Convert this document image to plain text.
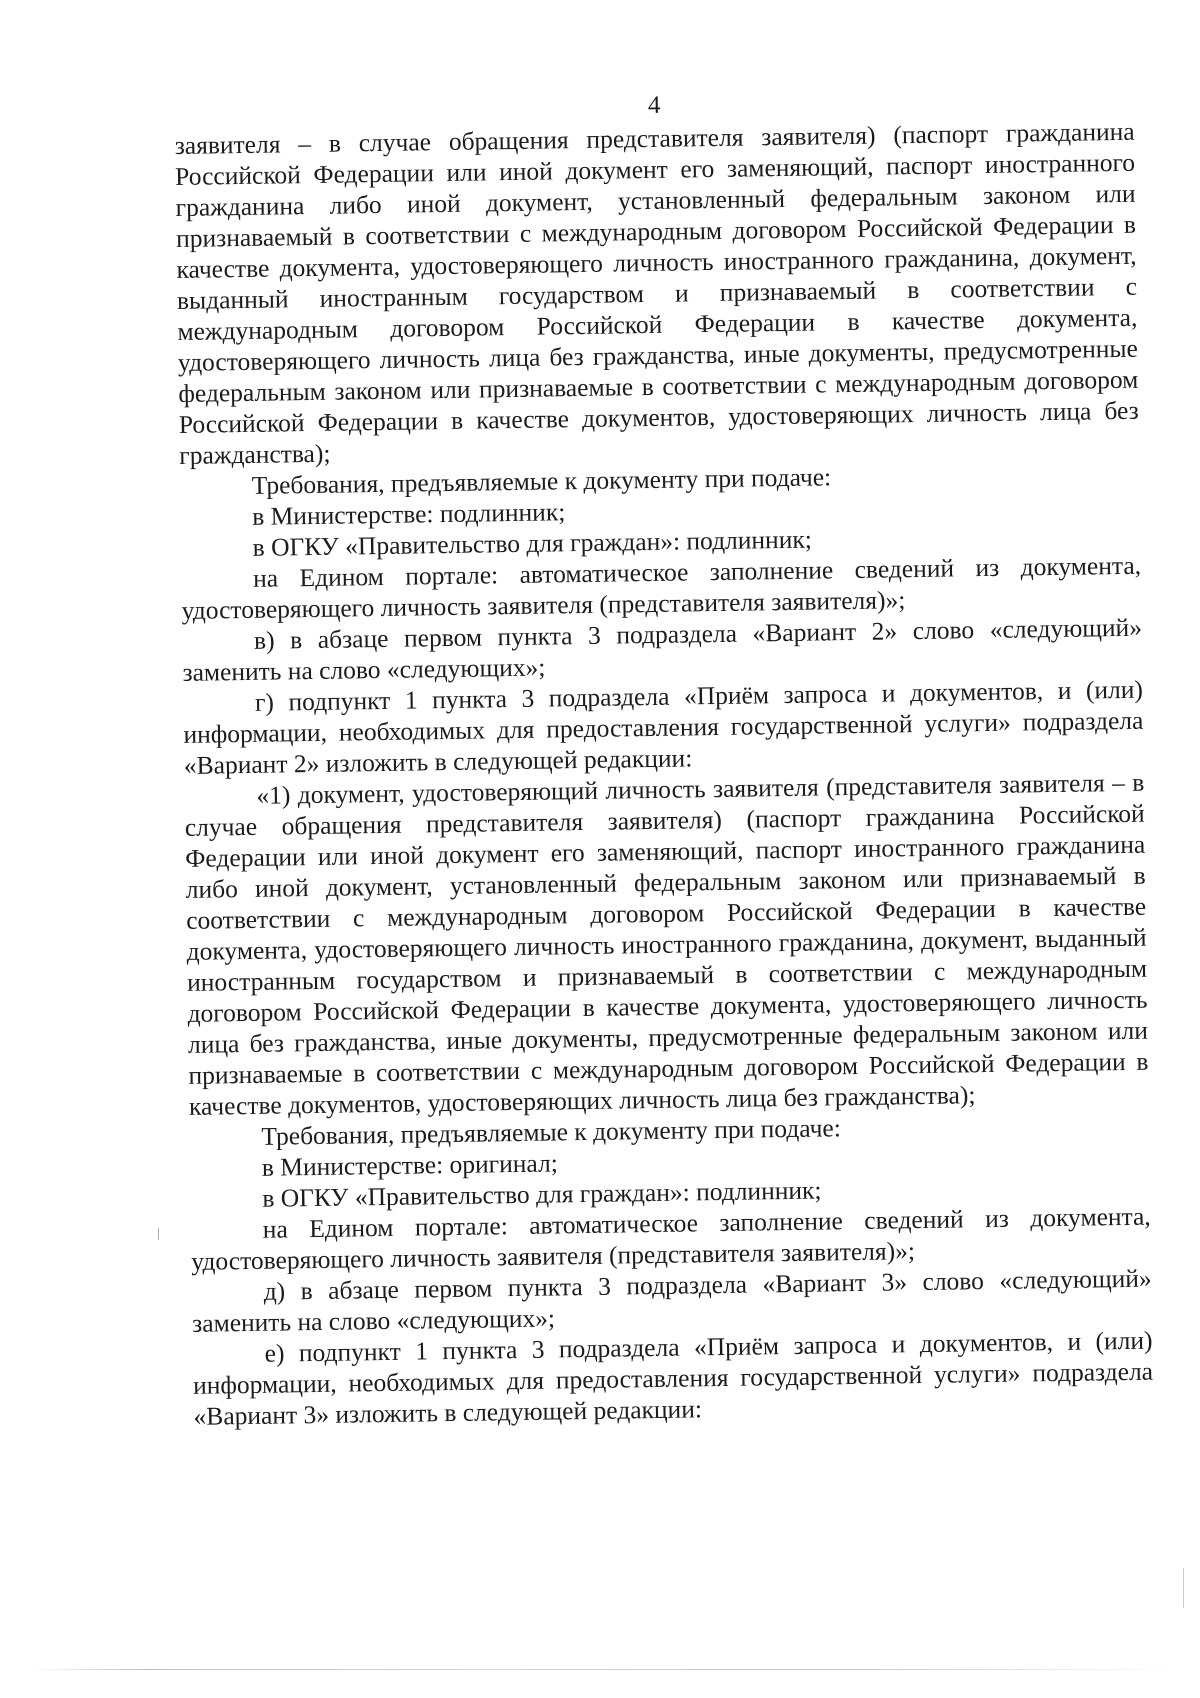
4

заявителя – в случае обращения представителя заявителя) (паспорт гражданина Российской Федерации или иной документ его заменяющий, паспорт иностранного гражданина либо иной документ, установленный федеральным законом или признаваемый в соответствии с международным договором Российской Федерации в качестве документа, удостоверяющего личность иностранного гражданина, документ, выданный иностранным государством и признаваемый в соответствии с международным договором Российской Федерации в качестве документа, удостоверяющего личность лица без гражданства, иные документы, предусмотренные федеральным законом или признаваемые в соответствии с международным договором Российской Федерации в качестве документов, удостоверяющих личность лица без гражданства);

Требования, предъявляемые к документу при подаче:

в Министерстве: подлинник;

в ОГКУ «Правительство для граждан»: подлинник;

на Едином портале: автоматическое заполнение сведений из документа, удостоверяющего личность заявителя (представителя заявителя)»;

в) в абзаце первом пункта 3 подраздела «Вариант 2» слово «следующий» заменить на слово «следующих»;

г) подпункт 1 пункта 3 подраздела «Приём запроса и документов, и (или) информации, необходимых для предоставления государственной услуги» подраздела «Вариант 2» изложить в следующей редакции:

«1) документ, удостоверяющий личность заявителя (представителя заявителя – в случае обращения представителя заявителя) (паспорт гражданина Российской Федерации или иной документ его заменяющий, паспорт иностранного гражданина либо иной документ, установленный федеральным законом или признаваемый в соответствии с международным договором Российской Федерации в качестве документа, удостоверяющего личность иностранного гражданина, документ, выданный иностранным государством и признаваемый в соответствии с международным договором Российской Федерации в качестве документа, удостоверяющего личность лица без гражданства, иные документы, предусмотренные федеральным законом или признаваемые в соответствии с международным договором Российской Федерации в качестве документов, удостоверяющих личность лица без гражданства);

Требования, предъявляемые к документу при подаче:

в Министерстве: оригинал;

в ОГКУ «Правительство для граждан»: подлинник;

на Едином портале: автоматическое заполнение сведений из документа, удостоверяющего личность заявителя (представителя заявителя)»;

д) в абзаце первом пункта 3 подраздела «Вариант 3» слово «следующий» заменить на слово «следующих»;

е) подпункт 1 пункта 3 подраздела «Приём запроса и документов, и (или) информации, необходимых для предоставления государственной услуги» подраздела «Вариант 3» изложить в следующей редакции:
